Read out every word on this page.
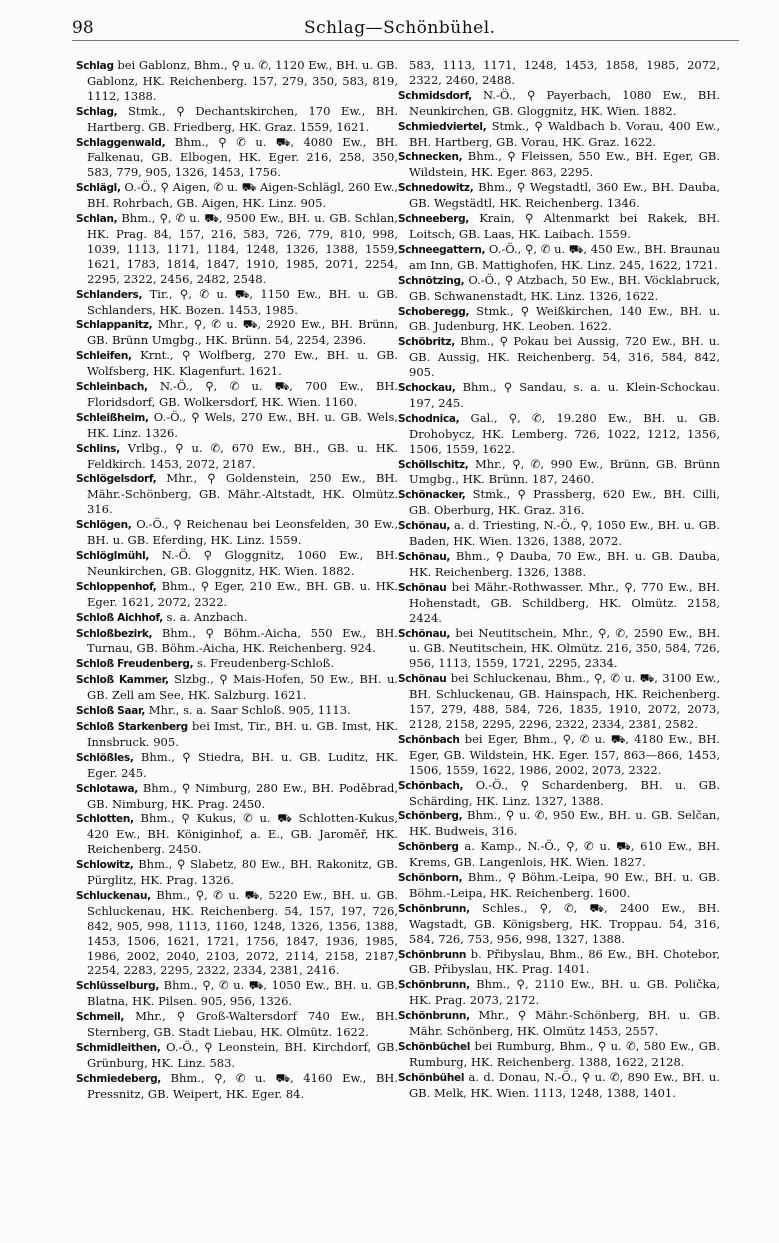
98	Schlag—Schönbühel.

Schlag bei Gablonz, Bhm., ⚲ u. ✆, 1120 Ew., BH. u. GB. Gablonz, HK. Reichenberg. 157, 279, 350, 583, 819, 1112, 1388.

Schlag, Stmk., ⚲ Dechantskirchen, 170 Ew., BH. Hartberg. GB. Friedberg, HK. Graz. 1559, 1621.

Schlaggenwald, Bhm., ⚲ ✆ u. ⛟, 4080 Ew., BH. Falkenau, GB. Elbogen, HK. Eger. 216, 258, 350, 583, 779, 905, 1326, 1453, 1756.

Schlägl, O.-Ö., ⚲ Aigen, ✆ u. ⛟ Aigen-Schlägl, 260 Ew., BH. Rohrbach, GB. Aigen, HK. Linz. 905.

Schlan, Bhm., ⚲, ✆ u. ⛟, 9500 Ew., BH. u. GB. Schlan, HK. Prag. 84, 157, 216, 583, 726, 779, 810, 998, 1039, 1113, 1171, 1184, 1248, 1326, 1388, 1559, 1621, 1783, 1814, 1847, 1910, 1985, 2071, 2254, 2295, 2322, 2456, 2482, 2548.

Schlanders, Tir., ⚲, ✆ u. ⛟, 1150 Ew., BH. u. GB. Schlanders, HK. Bozen. 1453, 1985.

Schlappanitz, Mhr., ⚲, ✆ u. ⛟, 2920 Ew., BH. Brünn, GB. Brünn Umgbg., HK. Brünn. 54, 2254, 2396.

Schleifen, Krnt., ⚲ Wolfberg, 270 Ew., BH. u. GB. Wolfsberg, HK. Klagenfurt. 1621.

Schleinbach, N.-Ö., ⚲, ✆ u. ⛟, 700 Ew., BH. Floridsdorf, GB. Wolkersdorf, HK. Wien. 1160.

Schleißheim, O.-Ö., ⚲ Wels, 270 Ew., BH. u. GB. Wels, HK. Linz. 1326.

Schlins, Vrlbg., ⚲ u. ✆, 670 Ew., BH., GB. u. HK. Feldkirch. 1453, 2072, 2187.

Schlögelsdorf, Mhr., ⚲ Goldenstein, 250 Ew., BH. Mähr.-Schönberg, GB. Mähr.-Altstadt, HK. Olmütz. 316.

Schlögen, O.-Ö., ⚲ Reichenau bei Leonsfelden, 30 Ew., BH. u. GB. Eferding, HK. Linz. 1559.

Schlöglmühl, N.-Ö. ⚲ Gloggnitz, 1060 Ew., BH. Neunkirchen, GB. Gloggnitz, HK. Wien. 1882.

Schloppenhof, Bhm., ⚲ Eger, 210 Ew., BH. GB. u. HK. Eger. 1621, 2072, 2322.

Schloß Aichhof, s. a. Anzbach.

Schloßbezirk, Bhm., ⚲ Böhm.-Aicha, 550 Ew., BH. Turnau, GB. Böhm.-Aicha, HK. Reichenberg. 924.

Schloß Freudenberg, s. Freudenberg-Schloß.

Schloß Kammer, Slzbg., ⚲ Mais-Hofen, 50 Ew., BH. u. GB. Zell am See, HK. Salzburg. 1621.

Schloß Saar, Mhr., s. a. Saar Schloß. 905, 1113.

Schloß Starkenberg bei Imst, Tir., BH. u. GB. Imst, HK. Innsbruck. 905.

Schlößles, Bhm., ⚲ Stiedra, BH. u. GB. Luditz, HK. Eger. 245.

Schlotawa, Bhm., ⚲ Nimburg, 280 Ew., BH. Poděbrad, GB. Nimburg, HK. Prag. 2450.

Schlotten, Bhm., ⚲ Kukus, ✆ u. ⛟ Schlotten-Kukus, 420 Ew., BH. Königinhof, a. E., GB. Jaroměř, HK. Reichenberg. 2450.

Schlowitz, Bhm., ⚲ Slabetz, 80 Ew., BH. Rakonitz, GB. Pürglitz, HK. Prag. 1326.

Schluckenau, Bhm., ⚲, ✆ u. ⛟, 5220 Ew., BH. u. GB. Schluckenau, HK. Reichenberg. 54, 157, 197, 726, 842, 905, 998, 1113, 1160, 1248, 1326, 1356, 1388, 1453, 1506, 1621, 1721, 1756, 1847, 1936, 1985, 1986, 2002, 2040, 2103, 2072, 2114, 2158, 2187, 2254, 2283, 2295, 2322, 2334, 2381, 2416.

Schlüsselburg, Bhm., ⚲, ✆ u. ⛟, 1050 Ew., BH. u. GB. Blatna, HK. Pilsen. 905, 956, 1326.

Schmeil, Mhr., ⚲ Groß-Waltersdorf 740 Ew., BH. Sternberg, GB. Stadt Liebau, HK. Olmütz. 1622.

Schmidleithen, O.-Ö., ⚲ Leonstein, BH. Kirchdorf, GB. Grünburg, HK. Linz. 583.

Schmiedeberg, Bhm., ⚲, ✆ u. ⛟, 4160 Ew., BH. Pressnitz, GB. Weipert, HK. Eger. 84.

583, 1113, 1171, 1248, 1453, 1858, 1985, 2072, 2322, 2460, 2488.

Schmidsdorf, N.-Ö., ⚲ Payerbach, 1080 Ew., BH. Neunkirchen, GB. Gloggnitz, HK. Wien. 1882.

Schmiedviertel, Stmk., ⚲ Waldbach b. Vorau, 400 Ew., BH. Hartberg, GB. Vorau, HK. Graz. 1622.

Schnecken, Bhm., ⚲ Fleissen, 550 Ew., BH. Eger, GB. Wildstein, HK. Eger. 863, 2295.

Schnedowitz, Bhm., ⚲ Wegstadtl, 360 Ew., BH. Dauba, GB. Wegstädtl, HK. Reichenberg. 1346.

Schneeberg, Krain, ⚲ Altenmarkt bei Rakek, BH. Loitsch, GB. Laas, HK. Laibach. 1559.

Schneegattern, O.-Ö., ⚲, ✆ u. ⛟, 450 Ew., BH. Braunau am Inn, GB. Mattighofen, HK. Linz. 245, 1622, 1721.

Schnötzing, O.-Ö., ⚲ Atzbach, 50 Ew., BH. Vöcklabruck, GB. Schwanenstadt, HK. Linz. 1326, 1622.

Schoberegg, Stmk., ⚲ Weißkirchen, 140 Ew., BH. u. GB. Judenburg, HK. Leoben. 1622.

Schöbritz, Bhm., ⚲ Pokau bei Aussig, 720 Ew., BH. u. GB. Aussig, HK. Reichenberg. 54, 316, 584, 842, 905.

Schockau, Bhm., ⚲ Sandau, s. a. u. Klein-Schockau. 197, 245.

Schodnica, Gal., ⚲, ✆, 19.280 Ew., BH. u. GB. Drohobycz, HK. Lemberg. 726, 1022, 1212, 1356, 1506, 1559, 1622.

Schöllschitz, Mhr., ⚲, ✆, 990 Ew., Brünn, GB. Brünn Umgbg., HK. Brünn. 187, 2460.

Schönacker, Stmk., ⚲ Prassberg, 620 Ew., BH. Cilli, GB. Oberburg, HK. Graz. 316.

Schönau, a. d. Triesting, N.-Ö., ⚲, 1050 Ew., BH. u. GB. Baden, HK. Wien. 1326, 1388, 2072.

Schönau, Bhm., ⚲ Dauba, 70 Ew., BH. u. GB. Dauba, HK. Reichenberg. 1326, 1388.

Schönau bei Mähr.-Rothwasser. Mhr., ⚲, 770 Ew., BH. Hohenstadt, GB. Schildberg, HK. Olmütz. 2158, 2424.

Schönau, bei Neutitschein, Mhr., ⚲, ✆, 2590 Ew., BH. u. GB. Neutitschein, HK. Olmütz. 216, 350, 584, 726, 956, 1113, 1559, 1721, 2295, 2334.

Schönau bei Schluckenau, Bhm., ⚲, ✆ u. ⛟, 3100 Ew., BH. Schluckenau, GB. Hainspach, HK. Reichenberg. 157, 279, 488, 584, 726, 1835, 1910, 2072, 2073, 2128, 2158, 2295, 2296, 2322, 2334, 2381, 2582.

Schönbach bei Eger, Bhm., ⚲, ✆ u. ⛟, 4180 Ew., BH. Eger, GB. Wildstein, HK. Eger. 157, 863—866, 1453, 1506, 1559, 1622, 1986, 2002, 2073, 2322.

Schönbach, O.-Ö., ⚲ Schardenberg, BH. u. GB. Schärding, HK. Linz. 1327, 1388.

Schönberg, Bhm., ⚲ u. ✆, 950 Ew., BH. u. GB. Selčan, HK. Budweis, 316.

Schönberg a. Kamp., N.-Ö., ⚲, ✆ u. ⛟, 610 Ew., BH. Krems, GB. Langenlois, HK. Wien. 1827.

Schönborn, Bhm., ⚲ Böhm.-Leipa, 90 Ew., BH. u. GB. Böhm.-Leipa, HK. Reichenberg. 1600.

Schönbrunn, Schles., ⚲, ✆, ⛟, 2400 Ew., BH. Wagstadt, GB. Königsberg, HK. Troppau. 54, 316, 584, 726, 753, 956, 998, 1327, 1388.

Schönbrunn b. Přibyslau, Bhm., 86 Ew., BH. Chotebor, GB. Přibyslau, HK. Prag. 1401.

Schönbrunn, Bhm., ⚲, 2110 Ew., BH. u. GB. Polička, HK. Prag. 2073, 2172.

Schönbrunn, Mhr., ⚲ Mähr.-Schönberg, BH. u. GB. Mähr. Schönberg, HK. Olmütz 1453, 2557.

Schönbüchel bei Rumburg, Bhm., ⚲ u. ✆, 580 Ew., GB. Rumburg, HK. Reichenberg. 1388, 1622, 2128.

Schönbühel a. d. Donau, N.-Ö., ⚲ u. ✆, 890 Ew., BH. u. GB. Melk, HK. Wien. 1113, 1248, 1388, 1401.
